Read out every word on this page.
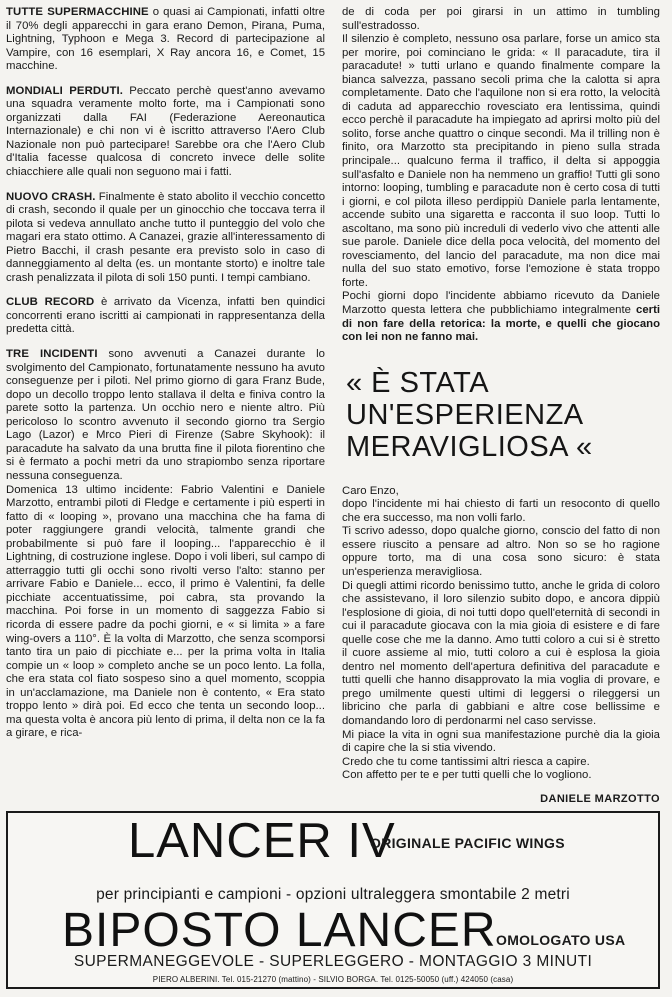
TUTTE SUPERMACCHINE o quasi ai Campionati, infatti oltre il 70% degli apparecchi in gara erano Demon, Pirana, Puma, Lightning, Typhoon e Mega 3. Record di partecipazione al Vampire, con 16 esemplari, X Ray ancora 16, e Comet, 15 macchine.

MONDIALI PERDUTI. Peccato perchè quest'anno avevamo una squadra veramente molto forte, ma i Campionati sono organizzati dalla FAI (Federazione Aereonautica Internazionale) e chi non vi è iscritto attraverso l'Aero Club Nazionale non può partecipare! Sarebbe ora che l'Aero Club d'Italia facesse qualcosa di concreto invece delle solite chiacchiere alle quali non seguono mai i fatti.

NUOVO CRASH. Finalmente è stato abolito il vecchio concetto di crash, secondo il quale per un ginocchio che toccava terra il pilota si vedeva annullato anche tutto il punteggio del volo che magari era stato ottimo. A Canazei, grazie all'interessamento di Pietro Bacchi, il crash pesante era previsto solo in caso di danneggiamento al delta (es. un montante storto) e inoltre tale crash penalizzata il pilota di soli 150 punti. I tempi cambiano.

CLUB RECORD è arrivato da Vicenza, infatti ben quindici concorrenti erano iscritti ai campionati in rappresentanza della predetta città.

TRE INCIDENTI sono avvenuti a Canazei durante lo svolgimento del Campionato, fortunatamente nessuno ha avuto conseguenze per i piloti. Nel primo giorno di gara Franz Bude, dopo un decollo troppo lento stallava il delta e finiva contro la parete sotto la partenza. Un occhio nero e niente altro. Più pericoloso lo scontro avvenuto il secondo giorno tra Sergio Lago (Lazor) e Mrco Pieri di Firenze (Sabre Skyhook): il paracadute ha salvato da una brutta fine il pilota fiorentino che si è fermato a pochi metri da uno strapiombo senza riportare nessuna conseguenza.

Domenica 13 ultimo incidente: Fabrio Valentini e Daniele Marzotto, entrambi piloti di Fledge e certamente i più esperti in fatto di « looping », provano una macchina che ha fama di poter raggiungere grandi velocità, talmente grandi che probabilmente si può fare il looping... l'apparecchio è il Lightning, di costruzione inglese. Dopo i voli liberi, sul campo di atterraggio tutti gli occhi sono rivolti verso l'alto: stanno per arrivare Fabio e Daniele... ecco, il primo è Valentini, fa delle picchiate accentuatissime, poi cabra, sta provando la macchina. Poi forse in un momento di saggezza Fabio si ricorda di essere padre da pochi giorni, e « si limita » a fare wing-overs a 110°. È la volta di Marzotto, che senza scomporsi tanto tira un paio di picchiate e... per la prima volta in Italia compie un « loop » completo anche se un poco lento. La folla, che era stata col fiato sospeso sino a quel momento, scoppia in un'acclamazione, ma Daniele non è contento, « Era stato troppo lento » dirà poi. Ed ecco che tenta un secondo loop... ma questa volta è ancora più lento di prima, il delta non ce la fa a girare, e rica-

de di coda per poi girarsi in un attimo in tumbling sull'estradosso.

Il silenzio è completo, nessuno osa parlare, forse un amico sta per morire, poi cominciano le grida: « Il paracadute, tira il paracadute! » tutti urlano e quando finalmente compare la bianca salvezza, passano secoli prima che la calotta si apra completamente. Dato che l'aquilone non si era rotto, la velocità di caduta ad apparecchio rovesciato era lentissima, quindi ecco perchè il paracadute ha impiegato ad aprirsi molto più del solito, forse anche quattro o cinque secondi. Ma il trilling non è finito, ora Marzotto sta precipitando in pieno sulla strada principale... qualcuno ferma il traffico, il delta si appoggia sull'asfalto e Daniele non ha nemmeno un graffio! Tutti gli sono intorno: looping, tumbling e paracadute non è certo cosa di tutti i giorni, e col pilota illeso perdippiù Daniele parla lentamente, accende subito una sigaretta e racconta il suo loop. Tutti lo ascoltano, ma sono più increduli di vederlo vivo che attenti alle sue parole. Daniele dice della poca velocità, del momento del rovesciamento, del lancio del paracadute, ma non dice mai nulla del suo stato emotivo, forse l'emozione è stata troppo forte.

Pochi giorni dopo l'incidente abbiamo ricevuto da Daniele Marzotto questa lettera che pubblichiamo integralmente certi di non fare della retorica: la morte, e quelli che giocano con lei non ne fanno mai.

« È STATA
UN'ESPERIENZA
MERAVIGLIOSA «

Caro Enzo,

dopo l'incidente mi hai chiesto di farti un resoconto di quello che era successo, ma non volli farlo.

Ti scrivo adesso, dopo qualche giorno, conscio del fatto di non essere riuscito a pensare ad altro. Non so se ho ragione oppure torto, ma di una cosa sono sicuro: è stata un'esperienza meravigliosa.

Di quegli attimi ricordo benissimo tutto, anche le grida di coloro che assistevano, il loro silenzio subito dopo, e ancora dippiù l'esplosione di gioia, di noi tutti dopo quell'eternità di secondi in cui il paracadute giocava con la mia gioia di esistere e di fare quelle cose che me la danno. Amo tutti coloro a cui si è stretto il cuore assieme al mio, tutti coloro a cui è esplosa la gioia dentro nel momento dell'apertura definitiva del paracadute e tutti quelli che hanno disapprovato la mia voglia di provare, e prego umilmente questi ultimi di leggersi o rileggersi un libricino che parla di gabbiani e altre cose bellissime e domandando loro di perdonarmi nel caso servisse.

Mi piace la vita in ogni sua manifestazione purchè dia la gioia di capire che la si stia vivendo.

Credo che tu come tantissimi altri riesca a capire.

Con affetto per te e per tutti quelli che lo vogliono.

DANIELE MARZOTTO
LANCER IV
ORIGINALE PACIFIC WINGS
per principianti e campioni - opzioni ultraleggera smontabile 2 metri
BIPOSTO LANCER OMOLOGATO USA
SUPERMANEGGEVOLE - SUPERLEGGERO - MONTAGGIO 3 MINUTI
PIERO ALBERINI. Tel. 015-21270 (mattino) - SILVIO BORGA. Tel. 0125-50050 (uff.) 424050 (casa)
